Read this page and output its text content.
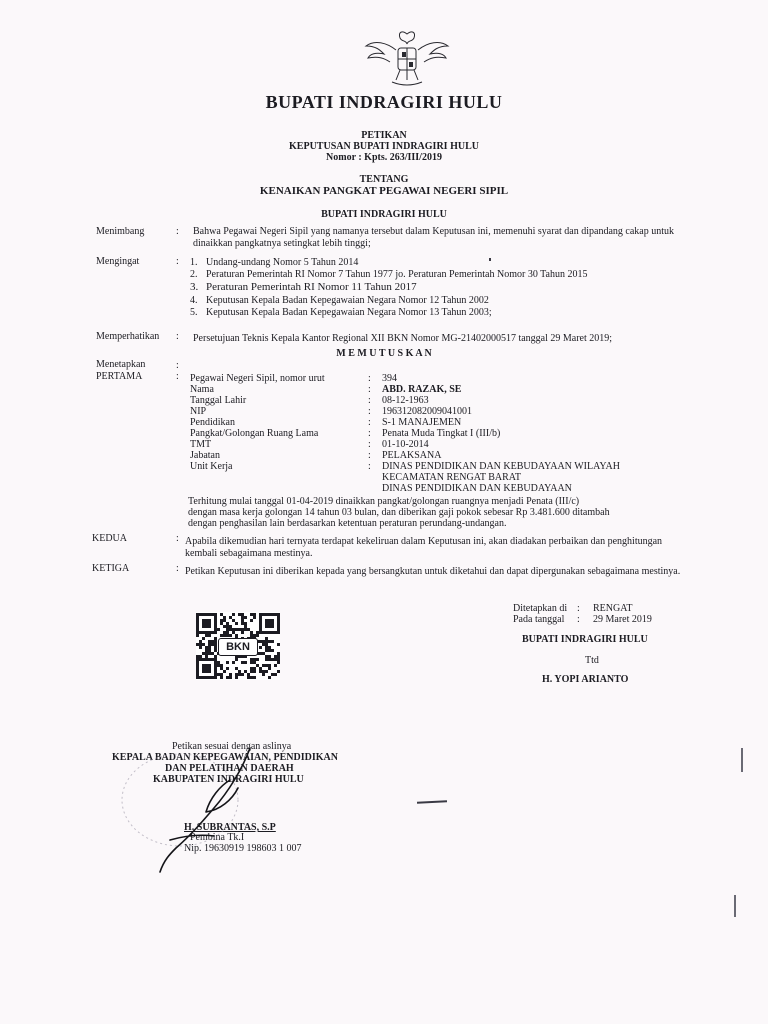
BUPATI INDRAGIRI HULU
PETIKAN
KEPUTUSAN BUPATI INDRAGIRI HULU
Nomor : Kpts. 263/III/2019
TENTANG
KENAIKAN PANGKAT PEGAWAI NEGERI SIPIL
BUPATI INDRAGIRI HULU
Menimbang	: Bahwa Pegawai Negeri Sipil yang namanya tersebut dalam Keputusan ini, memenuhi syarat dan dipandang cakap untuk dinaikkan pangkatnya setingkat lebih tinggi;
Mengingat	: 1. Undang-undang Nomor 5 Tahun 2014
2. Peraturan Pemerintah RI Nomor 7 Tahun 1977 jo. Peraturan Pemerintah Nomor 30 Tahun 2015
3. Peraturan Pemerintah RI Nomor 11 Tahun 2017
4. Keputusan Kepala Badan Kepegawaian Negara Nomor 12 Tahun 2002
5. Keputusan Kepala Badan Kepegawaian Negara Nomor 13 Tahun 2003;
Memperhatikan : Persetujuan Teknis Kepala Kantor Regional XII BKN Nomor MG-21402000517 tanggal 29 Maret 2019;
M E M U T U S K A N
Menetapkan	:
PERTAMA	: Pegawai Negeri Sipil, nomor urut	: 394
Nama	: ABD. RAZAK, SE
Tanggal Lahir	: 08-12-1963
NIP	: 196312082009041001
Pendidikan	: S-1 MANAJEMEN
Pangkat/Golongan Ruang Lama	: Penata Muda Tingkat I (III/b)
TMT	: 01-10-2014
Jabatan	: PELAKSANA
Unit Kerja	: DINAS PENDIDIKAN DAN KEBUDAYAAN WILAYAH
KECAMATAN RENGAT BARAT
DINAS PENDIDIKAN DAN KEBUDAYAAN
Terhitung mulai tanggal 01-04-2019 dinaikkan pangkat/golongan ruangnya menjadi Penata (III/c)
dengan masa kerja golongan 14 tahun 03 bulan, dan diberikan gaji pokok sebesar Rp 3.481.600 ditambah
dengan penghasilan lain berdasarkan ketentuan peraturan perundang-undangan.
KEDUA	: Apabila dikemudian hari ternyata terdapat kekeliruan dalam Keputusan ini, akan diadakan perbaikan dan penghitungan kembali sebagaimana mestinya.
KETIGA	: Petikan Keputusan ini diberikan kepada yang bersangkutan untuk diketahui dan dapat dipergunakan sebagaimana mestinya.
BKN
Ditetapkan di : RENGAT
Pada tanggal : 29 Maret 2019
BUPATI INDRAGIRI HULU
Ttd
H. YOPI ARIANTO
Petikan sesuai dengan aslinya
KEPALA BADAN KEPEGAWAIAN, PENDIDIKAN
DAN PELATIHAN DAERAH
KABUPATEN INDRAGIRI HULU
H. SUBRANTAS, S.P
Pembina Tk.I
Nip. 19630919 198603 1 007
